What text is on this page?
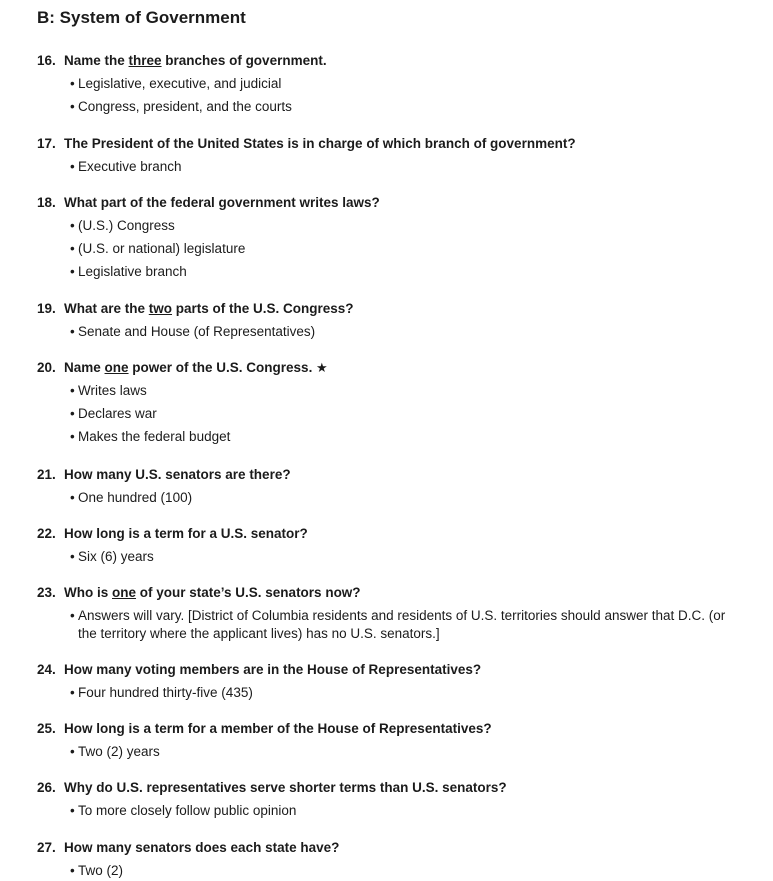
B: System of Government
16. Name the three branches of government.
• Legislative, executive, and judicial
• Congress, president, and the courts
17. The President of the United States is in charge of which branch of government?
• Executive branch
18. What part of the federal government writes laws?
• (U.S.) Congress
• (U.S. or national) legislature
• Legislative branch
19. What are the two parts of the U.S. Congress?
• Senate and House (of Representatives)
20. Name one power of the U.S. Congress. ★
• Writes laws
• Declares war
• Makes the federal budget
21. How many U.S. senators are there?
• One hundred (100)
22. How long is a term for a U.S. senator?
• Six (6) years
23. Who is one of your state’s U.S. senators now?
• Answers will vary. [District of Columbia residents and residents of U.S. territories should answer that D.C. (or the territory where the applicant lives) has no U.S. senators.]
24. How many voting members are in the House of Representatives?
• Four hundred thirty-five (435)
25. How long is a term for a member of the House of Representatives?
• Two (2) years
26. Why do U.S. representatives serve shorter terms than U.S. senators?
• To more closely follow public opinion
27. How many senators does each state have?
• Two (2)
